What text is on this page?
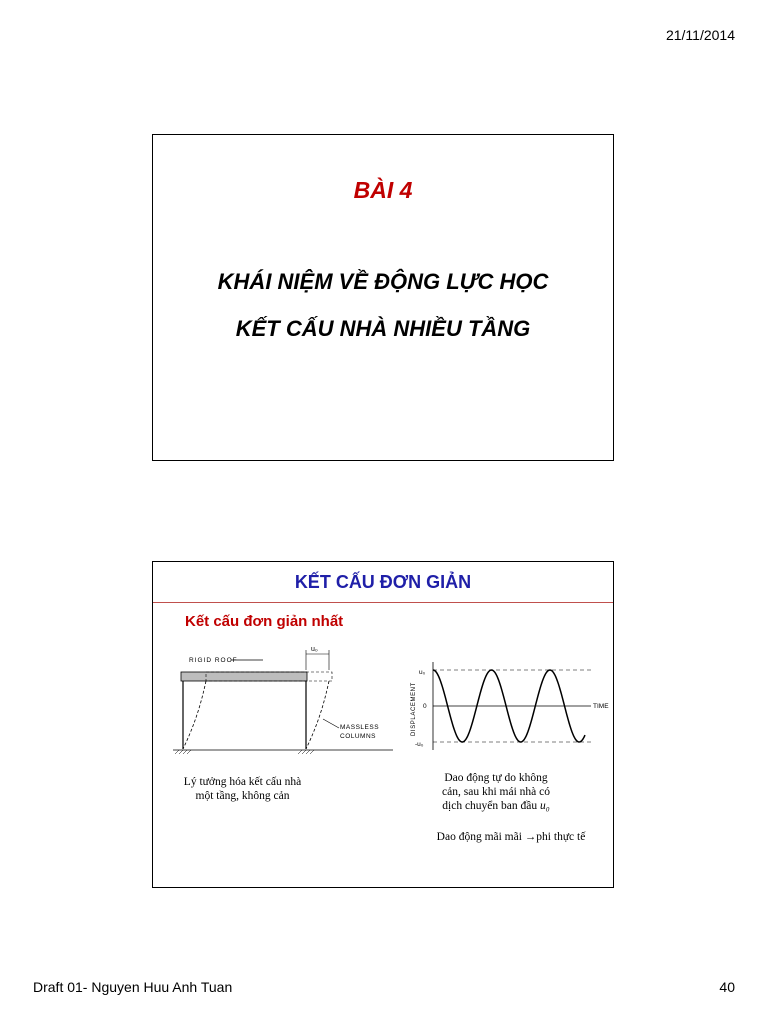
21/11/2014
BÀI 4
KHÁI NIỆM VỀ ĐỘNG LỰC HỌC
KẾT CẤU NHÀ NHIỀU TẦNG
KẾT CẤU ĐƠN GIẢN
Kết cấu đơn giản nhất
RIGID ROOF
u₀
MASSLESS
COLUMNS
DISPLACEMENT
u₀
0
-u₀
TIME
Lý tưởng hóa kết cấu nhà
một tầng, không cản
Dao động tự do không
cản, sau khi mái nhà có
dịch chuyển ban đầu u₀
Dao động mãi mãi →phi thực tế
Draft 01- Nguyen Huu Anh Tuan	40
